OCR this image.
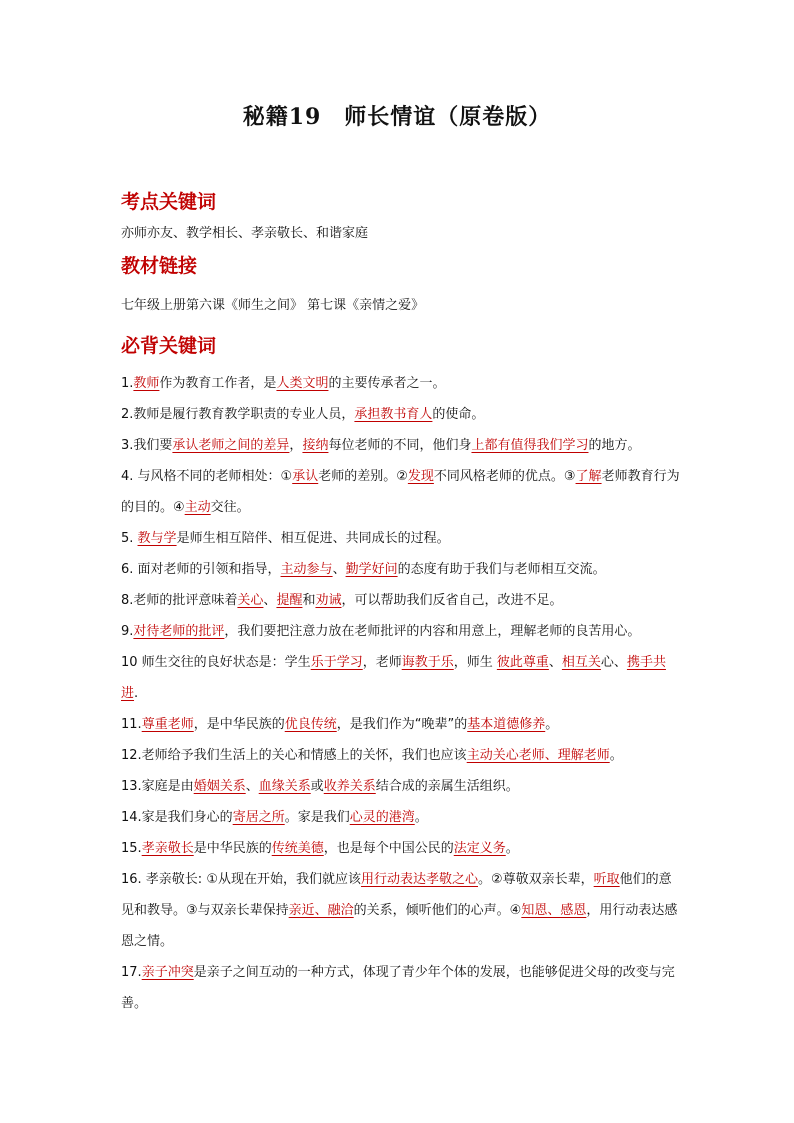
秘籍19　师长情谊（原卷版）
考点关键词
亦师亦友、教学相长、孝亲敬长、和谐家庭
教材链接
七年级上册第六课《师生之间》 第七课《亲情之爱》
必背关键词

1.教师作为教育工作者，是人类文明的主要传承者之一。

2.教师是履行教育教学职责的专业人员，承担教书育人的使命。

3.我们要承认老师之间的差异，接纳每位老师的不同，他们身上都有值得我们学习的地方。

4. 与风格不同的老师相处：①承认老师的差别。②发现不同风格老师的优点。③了解老师教育行为的目的。④主动交往。

5. 教与学是师生相互陪伴、相互促进、共同成长的过程。

6. 面对老师的引领和指导，主动参与、勤学好问的态度有助于我们与老师相互交流。

8.老师的批评意味着关心、提醒和劝诫，可以帮助我们反省自己，改进不足。

9.对待老师的批评，我们要把注意力放在老师批评的内容和用意上，理解老师的良苦用心。

10 师生交往的良好状态是：学生乐于学习，老师诲教于乐，师生 彼此尊重、相互关心、携手共进.

11.尊重老师，是中华民族的优良传统，是我们作为“晚辈”的基本道德修养。

12.老师给予我们生活上的关心和情感上的关怀，我们也应该主动关心老师、理解老师。

13.家庭是由婚姻关系、血缘关系或收养关系结合成的亲属生活组织。

14.家是我们身心的寄居之所。家是我们心灵的港湾。

15.孝亲敬长是中华民族的传统美德，也是每个中国公民的法定义务。

16. 孝亲敬长: ①从现在开始，我们就应该用行动表达孝敬之心。②尊敬双亲长辈，听取他们的意见和教导。③与双亲长辈保持亲近、融洽的关系，倾听他们的心声。④知恩、感恩，用行动表达感恩之情。

17.亲子冲突是亲子之间互动的一种方式，体现了青少年个体的发展，也能够促进父母的改变与完善。
